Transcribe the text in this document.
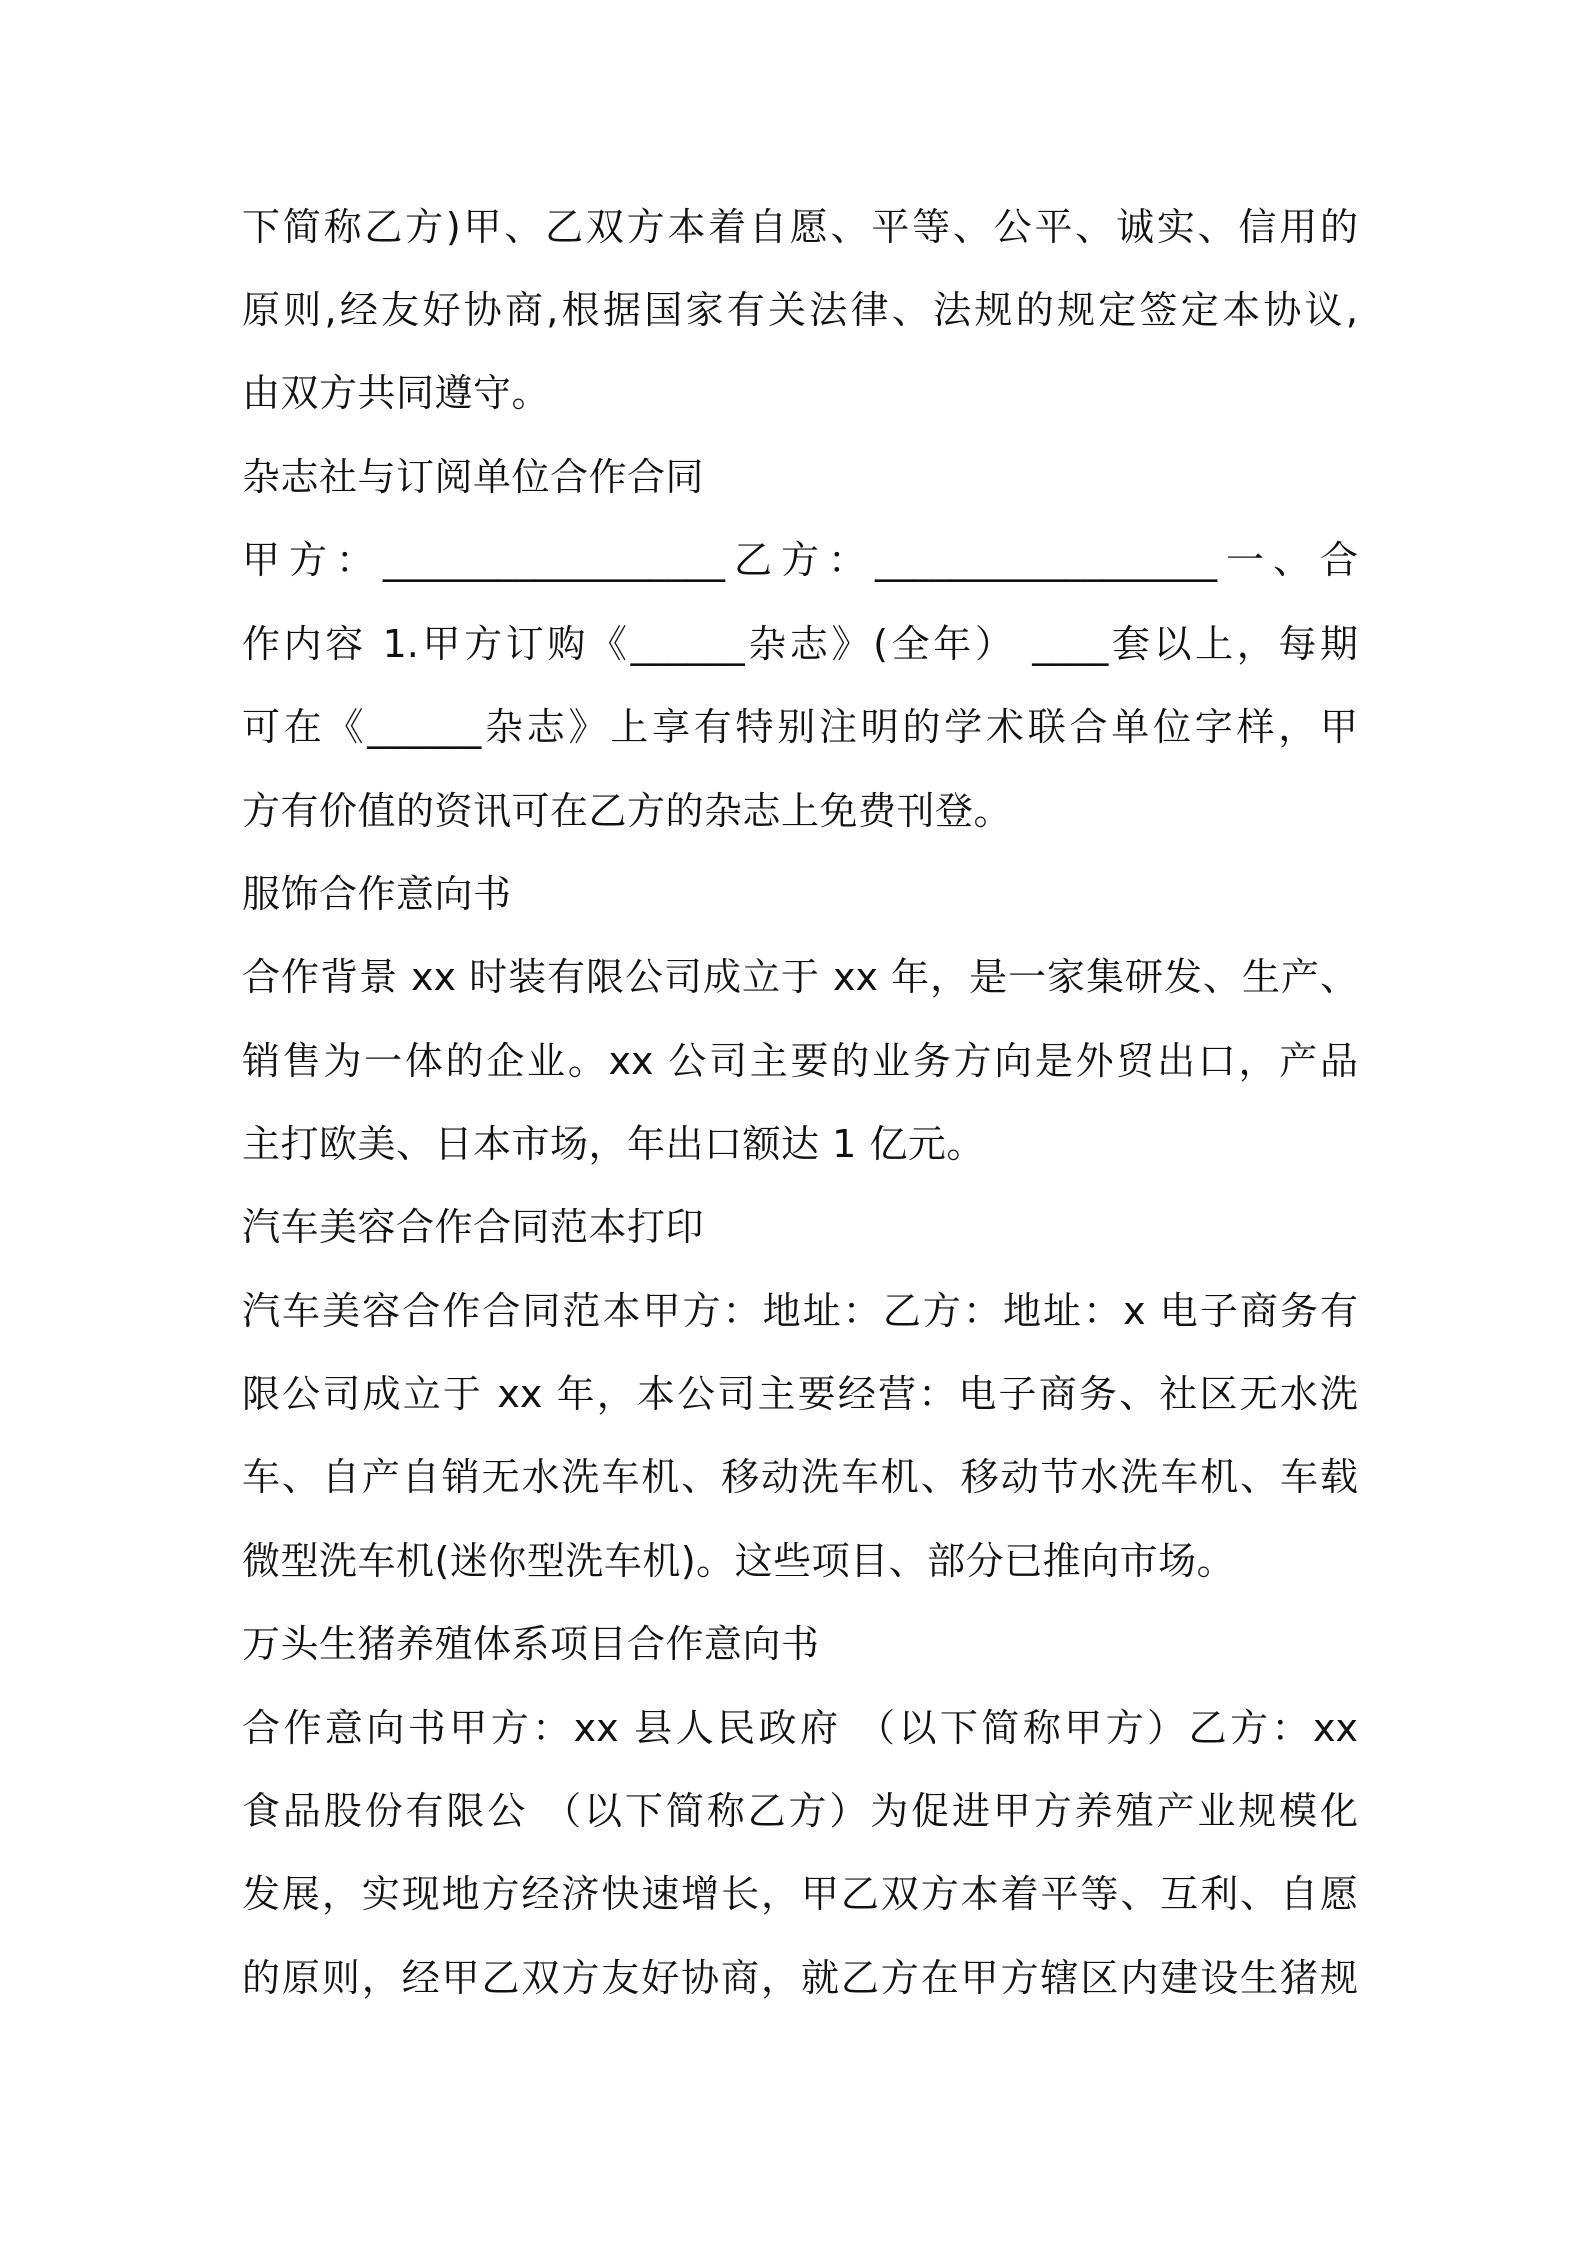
下简称乙方)甲、乙双方本着自愿、平等、公平、诚实、信用的
原则,经友好协商,根据国家有关法律、法规的规定签定本协议,
由双方共同遵守。
杂志社与订阅单位合作合同
甲方：__________________乙方：__________________一、合
作内容 1.甲方订购《______杂志》(全年） ____套以上，每期
可在《______杂志》上享有特别注明的学术联合单位字样，甲
方有价值的资讯可在乙方的杂志上免费刊登。
服饰合作意向书
合作背景 xx 时装有限公司成立于 xx 年，是一家集研发、生产、
销售为一体的企业。xx 公司主要的业务方向是外贸出口，产品
主打欧美、日本市场，年出口额达 1 亿元。
汽车美容合作合同范本打印
汽车美容合作合同范本甲方：地址：乙方：地址：x 电子商务有
限公司成立于 xx 年，本公司主要经营：电子商务、社区无水洗
车、自产自销无水洗车机、移动洗车机、移动节水洗车机、车载
微型洗车机(迷你型洗车机)。这些项目、部分已推向市场。
万头生猪养殖体系项目合作意向书
合作意向书甲方：xx 县人民政府 （以下简称甲方）乙方：xx
食品股份有限公 （以下简称乙方）为促进甲方养殖产业规模化
发展，实现地方经济快速增长，甲乙双方本着平等、互利、自愿
的原则，经甲乙双方友好协商，就乙方在甲方辖区内建设生猪规
